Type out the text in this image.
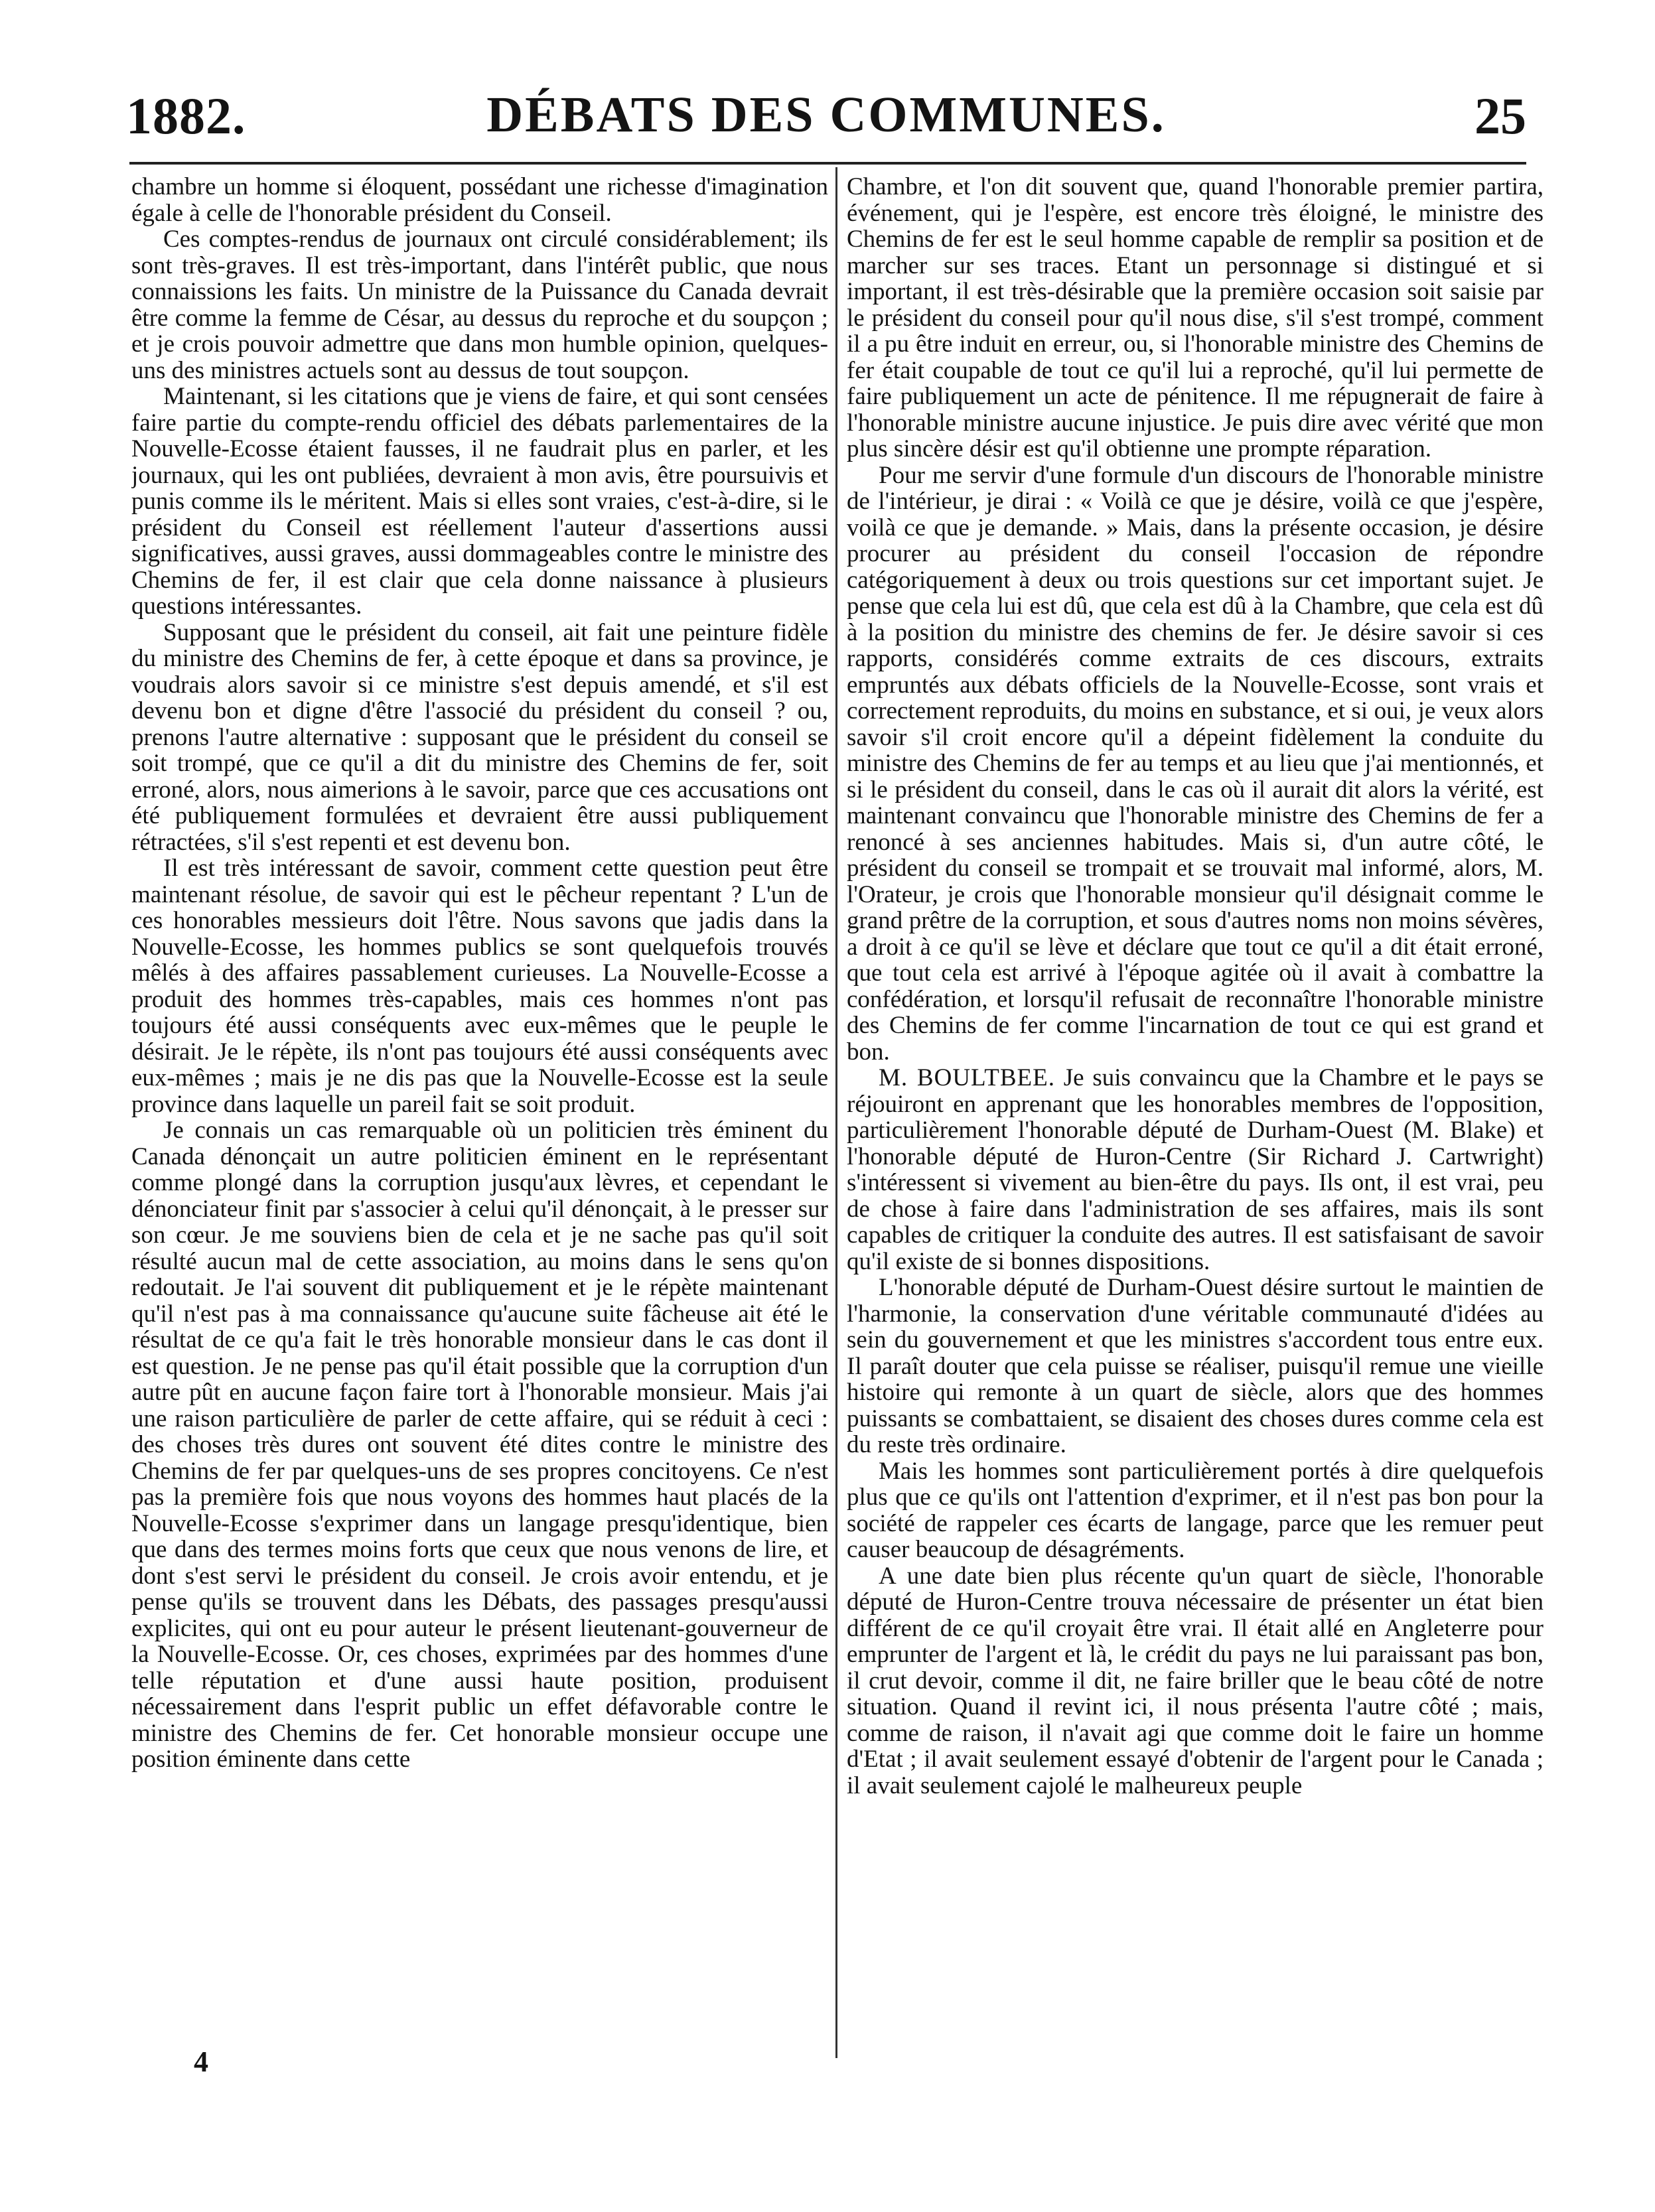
1882.	DÉBATS DES COMMUNES.	25

chambre un homme si éloquent, possédant une richesse d'imagination égale à celle de l'honorable président du Conseil.

Ces comptes-rendus de journaux ont circulé considérablement; ils sont très-graves. Il est très-important, dans l'intérêt public, que nous connaissions les faits. Un ministre de la Puissance du Canada devrait être comme la femme de César, au dessus du reproche et du soupçon ; et je crois pouvoir admettre que dans mon humble opinion, quelques-uns des ministres actuels sont au dessus de tout soupçon.

Maintenant, si les citations que je viens de faire, et qui sont censées faire partie du compte-rendu officiel des débats parlementaires de la Nouvelle-Ecosse étaient fausses, il ne faudrait plus en parler, et les journaux, qui les ont publiées, devraient à mon avis, être poursuivis et punis comme ils le méritent. Mais si elles sont vraies, c'est-à-dire, si le président du Conseil est réellement l'auteur d'assertions aussi significatives, aussi graves, aussi dommageables contre le ministre des Chemins de fer, il est clair que cela donne naissance à plusieurs questions intéressantes.

Supposant que le président du conseil, ait fait une peinture fidèle du ministre des Chemins de fer, à cette époque et dans sa province, je voudrais alors savoir si ce ministre s'est depuis amendé, et s'il est devenu bon et digne d'être l'associé du président du conseil ? ou, prenons l'autre alternative : supposant que le président du conseil se soit trompé, que ce qu'il a dit du ministre des Chemins de fer, soit erroné, alors, nous aimerions à le savoir, parce que ces accusations ont été publiquement formulées et devraient être aussi publiquement rétractées, s'il s'est repenti et est devenu bon.

Il est très intéressant de savoir, comment cette question peut être maintenant résolue, de savoir qui est le pêcheur repentant ? L'un de ces honorables messieurs doit l'être. Nous savons que jadis dans la Nouvelle-Ecosse, les hommes publics se sont quelquefois trouvés mêlés à des affaires passablement curieuses. La Nouvelle-Ecosse a produit des hommes très-capables, mais ces hommes n'ont pas toujours été aussi conséquents avec eux-mêmes que le peuple le désirait. Je le répète, ils n'ont pas toujours été aussi conséquents avec eux-mêmes ; mais je ne dis pas que la Nouvelle-Ecosse est la seule province dans laquelle un pareil fait se soit produit.

Je connais un cas remarquable où un politicien très éminent du Canada dénonçait un autre politicien éminent en le représentant comme plongé dans la corruption jusqu'aux lèvres, et cependant le dénonciateur finit par s'associer à celui qu'il dénonçait, à le presser sur son cœur. Je me souviens bien de cela et je ne sache pas qu'il soit résulté aucun mal de cette association, au moins dans le sens qu'on redoutait. Je l'ai souvent dit publiquement et je le répète maintenant qu'il n'est pas à ma connaissance qu'aucune suite fâcheuse ait été le résultat de ce qu'a fait le très honorable monsieur dans le cas dont il est question. Je ne pense pas qu'il était possible que la corruption d'un autre pût en aucune façon faire tort à l'honorable monsieur. Mais j'ai une raison particulière de parler de cette affaire, qui se réduit à ceci : des choses très dures ont souvent été dites contre le ministre des Chemins de fer par quelques-uns de ses propres concitoyens. Ce n'est pas la première fois que nous voyons des hommes haut placés de la Nouvelle-Ecosse s'exprimer dans un langage presqu'identique, bien que dans des termes moins forts que ceux que nous venons de lire, et dont s'est servi le président du conseil. Je crois avoir entendu, et je pense qu'ils se trouvent dans les Débats, des passages presqu'aussi explicites, qui ont eu pour auteur le présent lieutenant-gouverneur de la Nouvelle-Ecosse. Or, ces choses, exprimées par des hommes d'une telle réputation et d'une aussi haute position, produisent nécessairement dans l'esprit public un effet défavorable contre le ministre des Chemins de fer. Cet honorable monsieur occupe une position éminente dans cette

Chambre, et l'on dit souvent que, quand l'honorable premier partira, événement, qui je l'espère, est encore très éloigné, le ministre des Chemins de fer est le seul homme capable de remplir sa position et de marcher sur ses traces. Etant un personnage si distingué et si important, il est très-désirable que la première occasion soit saisie par le président du conseil pour qu'il nous dise, s'il s'est trompé, comment il a pu être induit en erreur, ou, si l'honorable ministre des Chemins de fer était coupable de tout ce qu'il lui a reproché, qu'il lui permette de faire publiquement un acte de pénitence. Il me répugnerait de faire à l'honorable ministre aucune injustice. Je puis dire avec vérité que mon plus sincère désir est qu'il obtienne une prompte réparation.

Pour me servir d'une formule d'un discours de l'honorable ministre de l'intérieur, je dirai : « Voilà ce que je désire, voilà ce que j'espère, voilà ce que je demande. » Mais, dans la présente occasion, je désire procurer au président du conseil l'occasion de répondre catégoriquement à deux ou trois questions sur cet important sujet. Je pense que cela lui est dû, que cela est dû à la Chambre, que cela est dû à la position du ministre des chemins de fer. Je désire savoir si ces rapports, considérés comme extraits de ces discours, extraits empruntés aux débats officiels de la Nouvelle-Ecosse, sont vrais et correctement reproduits, du moins en substance, et si oui, je veux alors savoir s'il croit encore qu'il a dépeint fidèlement la conduite du ministre des Chemins de fer au temps et au lieu que j'ai mentionnés, et si le président du conseil, dans le cas où il aurait dit alors la vérité, est maintenant convaincu que l'honorable ministre des Chemins de fer a renoncé à ses anciennes habitudes. Mais si, d'un autre côté, le président du conseil se trompait et se trouvait mal informé, alors, M. l'Orateur, je crois que l'honorable monsieur qu'il désignait comme le grand prêtre de la corruption, et sous d'autres noms non moins sévères, a droit à ce qu'il se lève et déclare que tout ce qu'il a dit était erroné, que tout cela est arrivé à l'époque agitée où il avait à combattre la confédération, et lorsqu'il refusait de reconnaître l'honorable ministre des Chemins de fer comme l'incarnation de tout ce qui est grand et bon.

M. BOULTBEE. Je suis convaincu que la Chambre et le pays se réjouiront en apprenant que les honorables membres de l'opposition, particulièrement l'honorable député de Durham-Ouest (M. Blake) et l'honorable député de Huron-Centre (Sir Richard J. Cartwright) s'intéressent si vivement au bien-être du pays. Ils ont, il est vrai, peu de chose à faire dans l'administration de ses affaires, mais ils sont capables de critiquer la conduite des autres. Il est satisfaisant de savoir qu'il existe de si bonnes dispositions.

L'honorable député de Durham-Ouest désire surtout le maintien de l'harmonie, la conservation d'une véritable communauté d'idées au sein du gouvernement et que les ministres s'accordent tous entre eux. Il paraît douter que cela puisse se réaliser, puisqu'il remue une vieille histoire qui remonte à un quart de siècle, alors que des hommes puissants se combattaient, se disaient des choses dures comme cela est du reste très ordinaire.

Mais les hommes sont particulièrement portés à dire quelquefois plus que ce qu'ils ont l'attention d'exprimer, et il n'est pas bon pour la société de rappeler ces écarts de langage, parce que les remuer peut causer beaucoup de désagréments.

A une date bien plus récente qu'un quart de siècle, l'honorable député de Huron-Centre trouva nécessaire de présenter un état bien différent de ce qu'il croyait être vrai. Il était allé en Angleterre pour emprunter de l'argent et là, le crédit du pays ne lui paraissant pas bon, il crut devoir, comme il dit, ne faire briller que le beau côté de notre situation. Quand il revint ici, il nous présenta l'autre côté ; mais, comme de raison, il n'avait agi que comme doit le faire un homme d'Etat ; il avait seulement essayé d'obtenir de l'argent pour le Canada ; il avait seulement cajolé le malheureux peuple

4
